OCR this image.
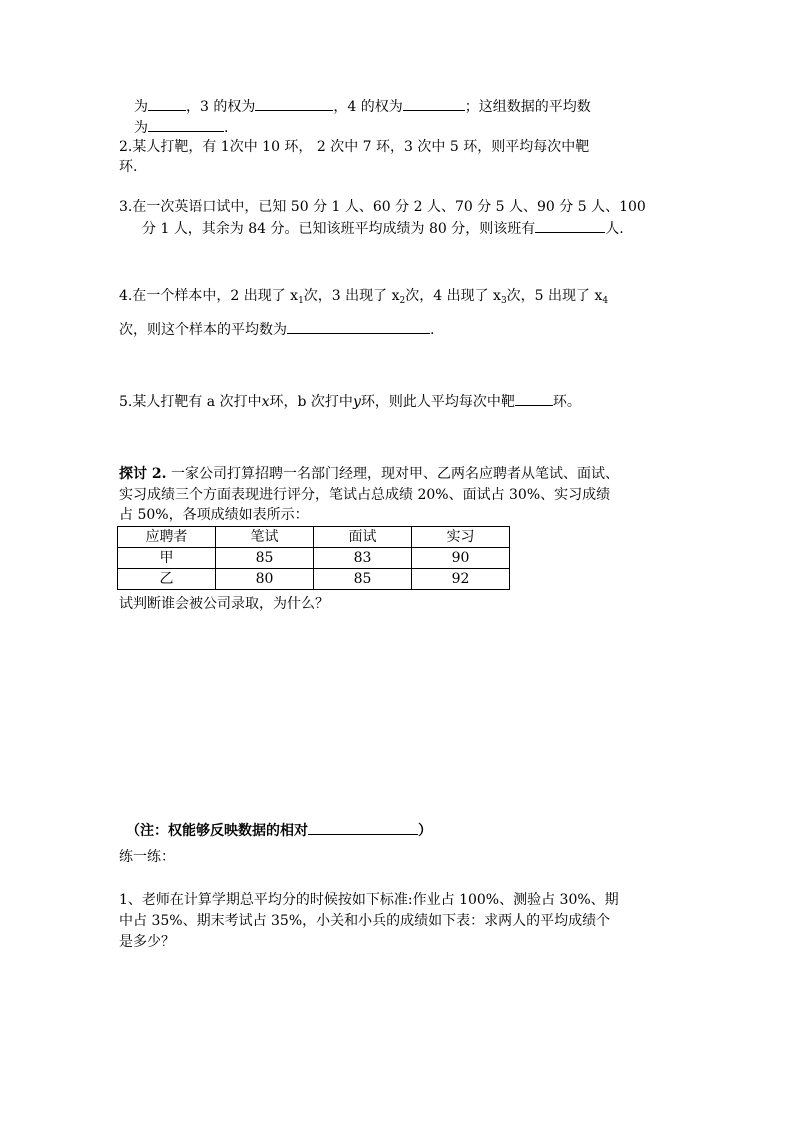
为	，3 的权为	，4 的权为	；这组数据的平均数
为	.
2.某人打靶，有 1次中 10 环， 2 次中 7 环，3 次中 5 环，则平均每次中靶
环.
3.在一次英语口试中，已知 50 分 1 人、60 分 2 人、70 分 5 人、90 分 5 人、100
分 1 人，其余为 84 分。已知该班平均成绩为 80 分，则该班有	人.
4.在一个样本中，2 出现了 $x_1$次，3 出现了 $x_2$次，4 出现了 $x_3$次，5 出现了 $x_4$
次，则这个样本的平均数为	.
5.某人打靶有 a 次打中x环，b 次打中y环，则此人平均每次中靶	环。
探讨 2. 一家公司打算招聘一名部门经理，现对甲、乙两名应聘者从笔试、面试、
实习成绩三个方面表现进行评分，笔试占总成绩 20%、面试占 30%、实习成绩
占 50%，各项成绩如表所示：
应聘者	笔试	面试	实习
甲	85	83	90
乙	80	85	92
试判断谁会被公司录取，为什么？
（注：权能够反映数据的相对	）
练一练：
1、老师在计算学期总平均分的时候按如下标准:作业占 100%、测验占 30%、期
中占 35%、期末考试占 35%，小关和小兵的成绩如下表：求两人的平均成绩个
是多少？
